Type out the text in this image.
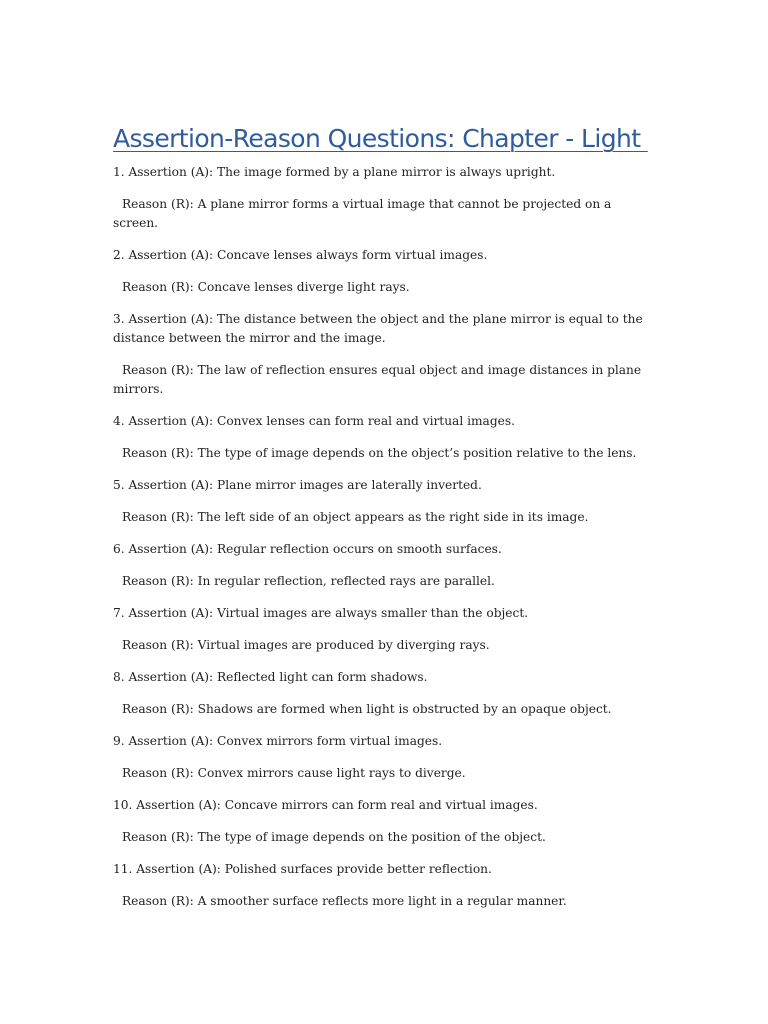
Assertion-Reason Questions: Chapter - Light

1. Assertion (A): The image formed by a plane mirror is always upright.

Reason (R): A plane mirror forms a virtual image that cannot be projected on a screen.

2. Assertion (A): Concave lenses always form virtual images.

Reason (R): Concave lenses diverge light rays.

3. Assertion (A): The distance between the object and the plane mirror is equal to the distance between the mirror and the image.

Reason (R): The law of reflection ensures equal object and image distances in plane mirrors.

4. Assertion (A): Convex lenses can form real and virtual images.

Reason (R): The type of image depends on the object’s position relative to the lens.

5. Assertion (A): Plane mirror images are laterally inverted.

Reason (R): The left side of an object appears as the right side in its image.

6. Assertion (A): Regular reflection occurs on smooth surfaces.

Reason (R): In regular reflection, reflected rays are parallel.

7. Assertion (A): Virtual images are always smaller than the object.

Reason (R): Virtual images are produced by diverging rays.

8. Assertion (A): Reflected light can form shadows.

Reason (R): Shadows are formed when light is obstructed by an opaque object.

9. Assertion (A): Convex mirrors form virtual images.

Reason (R): Convex mirrors cause light rays to diverge.

10. Assertion (A): Concave mirrors can form real and virtual images.

Reason (R): The type of image depends on the position of the object.

11. Assertion (A): Polished surfaces provide better reflection.

Reason (R): A smoother surface reflects more light in a regular manner.
